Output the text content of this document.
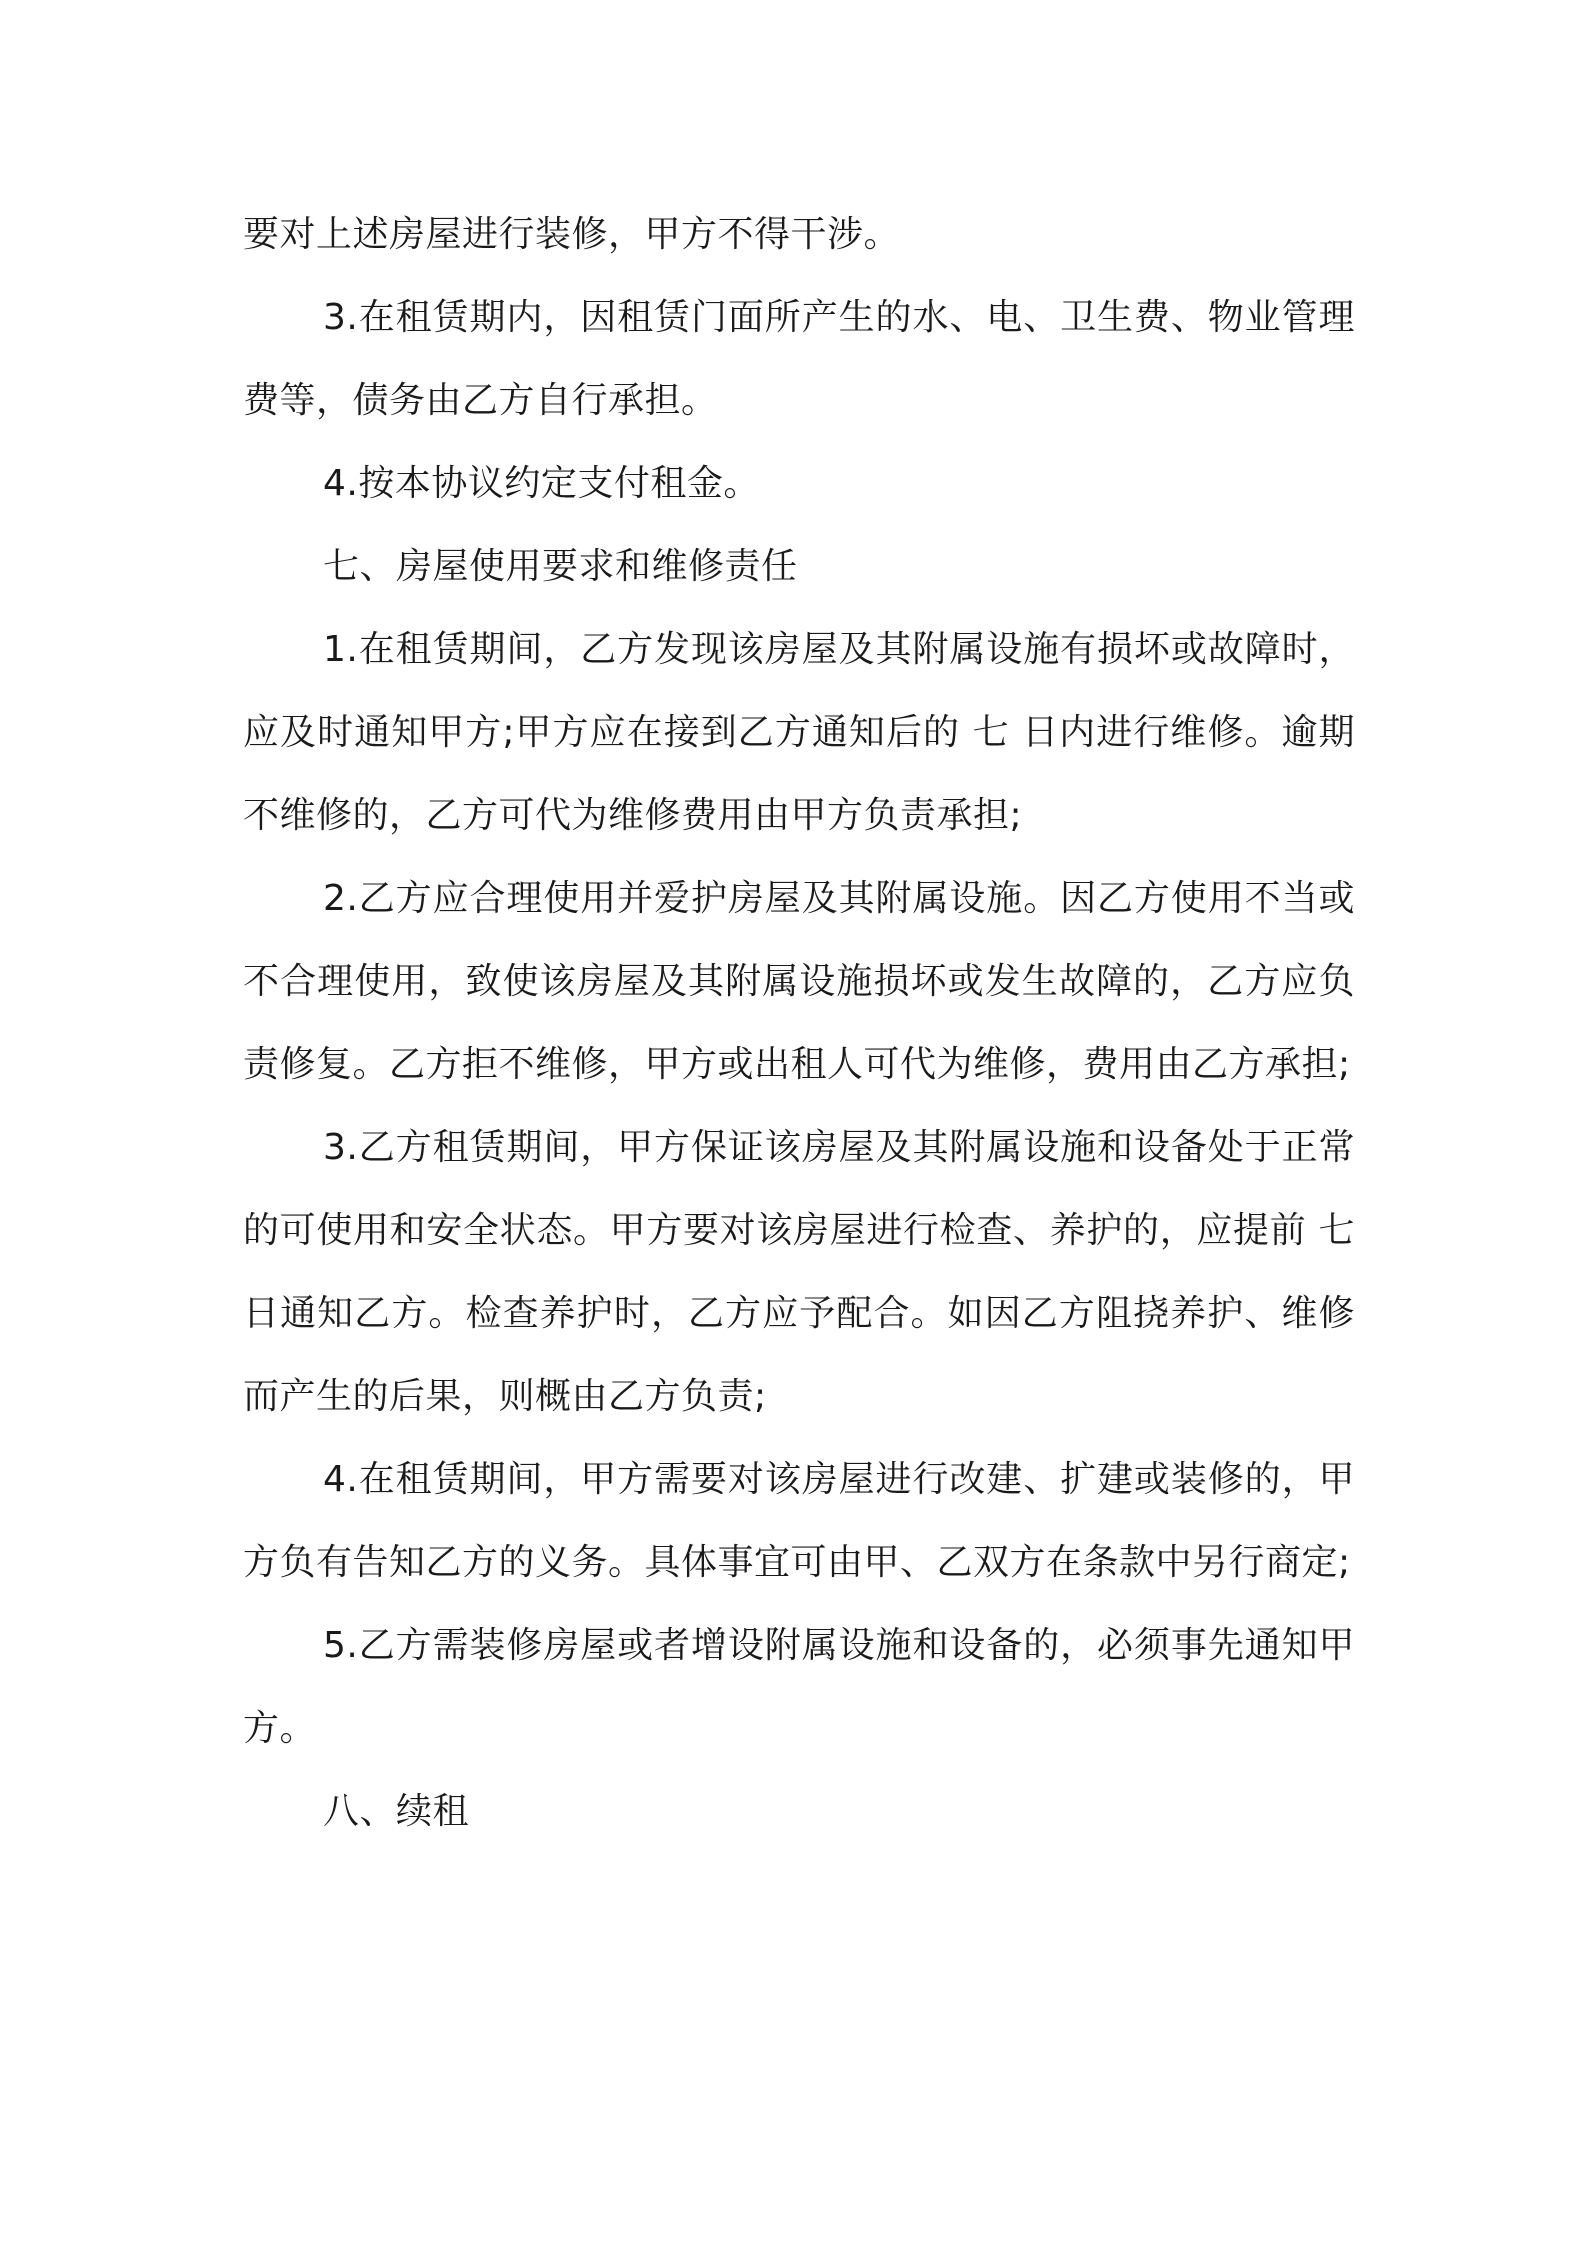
要对上述房屋进行装修，甲方不得干涉。

3.在租赁期内，因租赁门面所产生的水、电、卫生费、物业管理费等，债务由乙方自行承担。

4.按本协议约定支付租金。

七、房屋使用要求和维修责任

1.在租赁期间，乙方发现该房屋及其附属设施有损坏或故障时，应及时通知甲方;甲方应在接到乙方通知后的 七 日内进行维修。逾期不维修的，乙方可代为维修费用由甲方负责承担;

2.乙方应合理使用并爱护房屋及其附属设施。因乙方使用不当或不合理使用，致使该房屋及其附属设施损坏或发生故障的，乙方应负责修复。乙方拒不维修，甲方或出租人可代为维修，费用由乙方承担;

3.乙方租赁期间，甲方保证该房屋及其附属设施和设备处于正常的可使用和安全状态。甲方要对该房屋进行检查、养护的，应提前 七 日通知乙方。检查养护时，乙方应予配合。如因乙方阻挠养护、维修而产生的后果，则概由乙方负责;

4.在租赁期间，甲方需要对该房屋进行改建、扩建或装修的，甲方负有告知乙方的义务。具体事宜可由甲、乙双方在条款中另行商定;

5.乙方需装修房屋或者增设附属设施和设备的，必须事先通知甲方。

八、续租
